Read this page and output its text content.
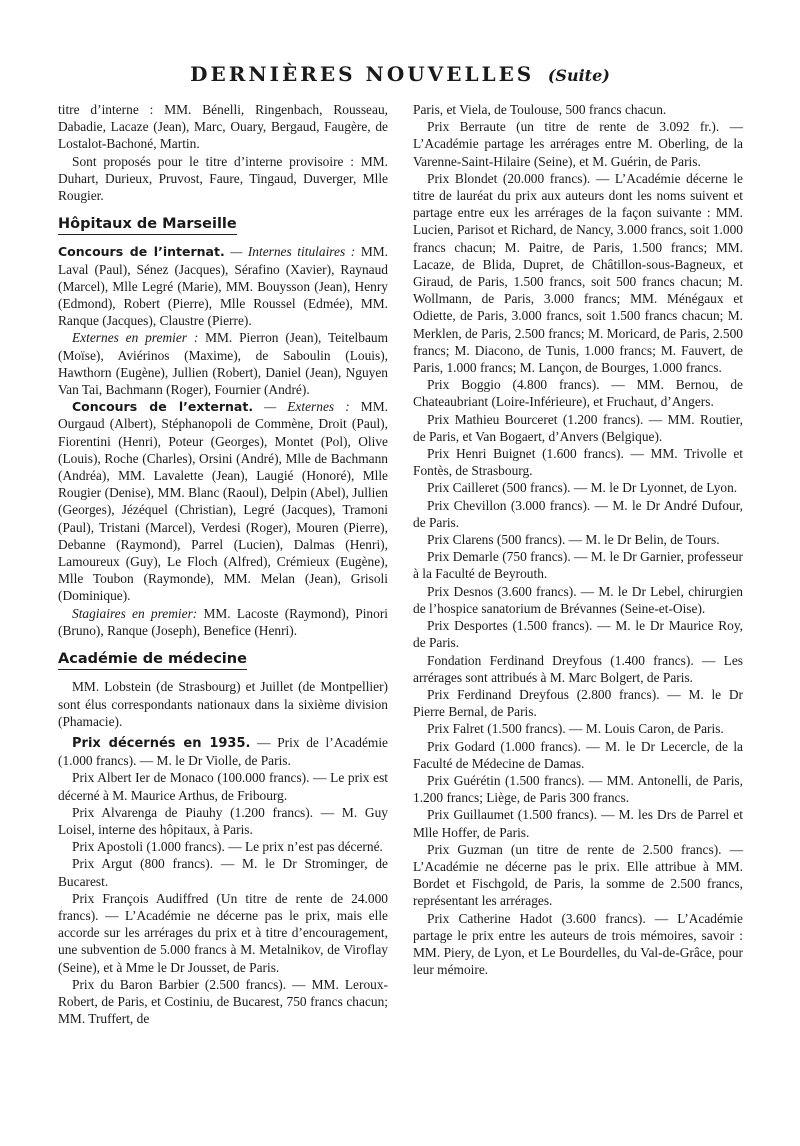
DERNIÈRES NOUVELLES (Suite)

titre d’interne : MM. Bénelli, Ringenbach, Rousseau, Dabadie, Lacaze (Jean), Marc, Ouary, Bergaud, Faugère, de Lostalot-Bachoné, Martin.

Sont proposés pour le titre d’interne provisoire : MM. Duhart, Durieux, Pruvost, Faure, Tingaud, Duverger, Mlle Rougier.

Hôpitaux de Marseille

Concours de l’internat. — Internes titulaires : MM. Laval (Paul), Sénez (Jacques), Sérafino (Xavier), Raynaud (Marcel), Mlle Legré (Marie), MM. Bouysson (Jean), Henry (Edmond), Robert (Pierre), Mlle Roussel (Edmée), MM. Ranque (Jacques), Claustre (Pierre).

Externes en premier : MM. Pierron (Jean), Teitelbaum (Moïse), Aviérinos (Maxime), de Saboulin (Louis), Hawthorn (Eugène), Jullien (Robert), Daniel (Jean), Nguyen Van Tai, Bachmann (Roger), Fournier (André).

Concours de l’externat. — Externes : MM. Ourgaud (Albert), Stéphanopoli de Commène, Droit (Paul), Fiorentini (Henri), Poteur (Georges), Montet (Pol), Olive (Louis), Roche (Charles), Orsini (André), Mlle de Bachmann (Andréa), MM. Lavalette (Jean), Laugié (Honoré), Mlle Rougier (Denise), MM. Blanc (Raoul), Delpin (Abel), Jullien (Georges), Jézéquel (Christian), Legré (Jacques), Tramoni (Paul), Tristani (Marcel), Verdesi (Roger), Mouren (Pierre), Debanne (Raymond), Parrel (Lucien), Dalmas (Henri), Lamoureux (Guy), Le Floch (Alfred), Crémieux (Eugène), Mlle Toubon (Raymonde), MM. Melan (Jean), Grisoli (Dominique).

Stagiaires en premier: MM. Lacoste (Raymond), Pinori (Bruno), Ranque (Joseph), Benefice (Henri).

Académie de médecine

MM. Lobstein (de Strasbourg) et Juillet (de Montpellier) sont élus correspondants nationaux dans la sixième division (Phamacie).

Prix décernés en 1935. — Prix de l’Académie (1.000 francs). — M. le Dr Violle, de Paris.

Prix Albert Ier de Monaco (100.000 francs). — Le prix est décerné à M. Maurice Arthus, de Fribourg.

Prix Alvarenga de Piauhy (1.200 francs). — M. Guy Loisel, interne des hôpitaux, à Paris.

Prix Apostoli (1.000 francs). — Le prix n’est pas décerné.

Prix Argut (800 francs). — M. le Dr Strominger, de Bucarest.

Prix François Audiffred (Un titre de rente de 24.000 francs). — L’Académie ne décerne pas le prix, mais elle accorde sur les arrérages du prix et à titre d’encouragement, une subvention de 5.000 francs à M. Metalnikov, de Viroflay (Seine), et à Mme le Dr Jousset, de Paris.

Prix du Baron Barbier (2.500 francs). — MM. Leroux-Robert, de Paris, et Costiniu, de Bucarest, 750 francs chacun; MM. Truffert, de

Paris, et Viela, de Toulouse, 500 francs chacun.

Prix Berraute (un titre de rente de 3.092 fr.). — L’Académie partage les arrérages entre M. Oberling, de la Varenne-Saint-Hilaire (Seine), et M. Guérin, de Paris.

Prix Blondet (20.000 francs). — L’Académie décerne le titre de lauréat du prix aux auteurs dont les noms suivent et partage entre eux les arrérages de la façon suivante : MM. Lucien, Parisot et Richard, de Nancy, 3.000 francs, soit 1.000 francs chacun; M. Paitre, de Paris, 1.500 francs; MM. Lacaze, de Blida, Dupret, de Châtillon-sous-Bagneux, et Giraud, de Paris, 1.500 francs, soit 500 francs chacun; M. Wollmann, de Paris, 3.000 francs; MM. Ménégaux et Odiette, de Paris, 3.000 francs, soit 1.500 francs chacun; M. Merklen, de Paris, 2.500 francs; M. Moricard, de Paris, 2.500 francs; M. Diacono, de Tunis, 1.000 francs; M. Fauvert, de Paris, 1.000 francs; M. Lançon, de Bourges, 1.000 francs.

Prix Boggio (4.800 francs). — MM. Bernou, de Chateaubriant (Loire-Inférieure), et Fruchaut, d’Angers.

Prix Mathieu Bourceret (1.200 francs). — MM. Routier, de Paris, et Van Bogaert, d’Anvers (Belgique).

Prix Henri Buignet (1.600 francs). — MM. Trivolle et Fontès, de Strasbourg.

Prix Cailleret (500 francs). — M. le Dr Lyonnet, de Lyon.

Prix Chevillon (3.000 francs). — M. le Dr André Dufour, de Paris.

Prix Clarens (500 francs). — M. le Dr Belin, de Tours.

Prix Demarle (750 francs). — M. le Dr Garnier, professeur à la Faculté de Beyrouth.

Prix Desnos (3.600 francs). — M. le Dr Lebel, chirurgien de l’hospice sanatorium de Brévannes (Seine-et-Oise).

Prix Desportes (1.500 francs). — M. le Dr Maurice Roy, de Paris.

Fondation Ferdinand Dreyfous (1.400 francs). — Les arrérages sont attribués à M. Marc Bolgert, de Paris.

Prix Ferdinand Dreyfous (2.800 francs). — M. le Dr Pierre Bernal, de Paris.

Prix Falret (1.500 francs). — M. Louis Caron, de Paris.

Prix Godard (1.000 francs). — M. le Dr Lecercle, de la Faculté de Médecine de Damas.

Prix Guérétin (1.500 francs). — MM. Antonelli, de Paris, 1.200 francs; Liège, de Paris 300 francs.

Prix Guillaumet (1.500 francs). — M. les Drs de Parrel et Mlle Hoffer, de Paris.

Prix Guzman (un titre de rente de 2.500 francs). — L’Académie ne décerne pas le prix. Elle attribue à MM. Bordet et Fischgold, de Paris, la somme de 2.500 francs, représentant les arrérages.

Prix Catherine Hadot (3.600 francs). — L’Académie partage le prix entre les auteurs de trois mémoires, savoir : MM. Piery, de Lyon, et Le Bourdelles, du Val-de-Grâce, pour leur mémoire.
